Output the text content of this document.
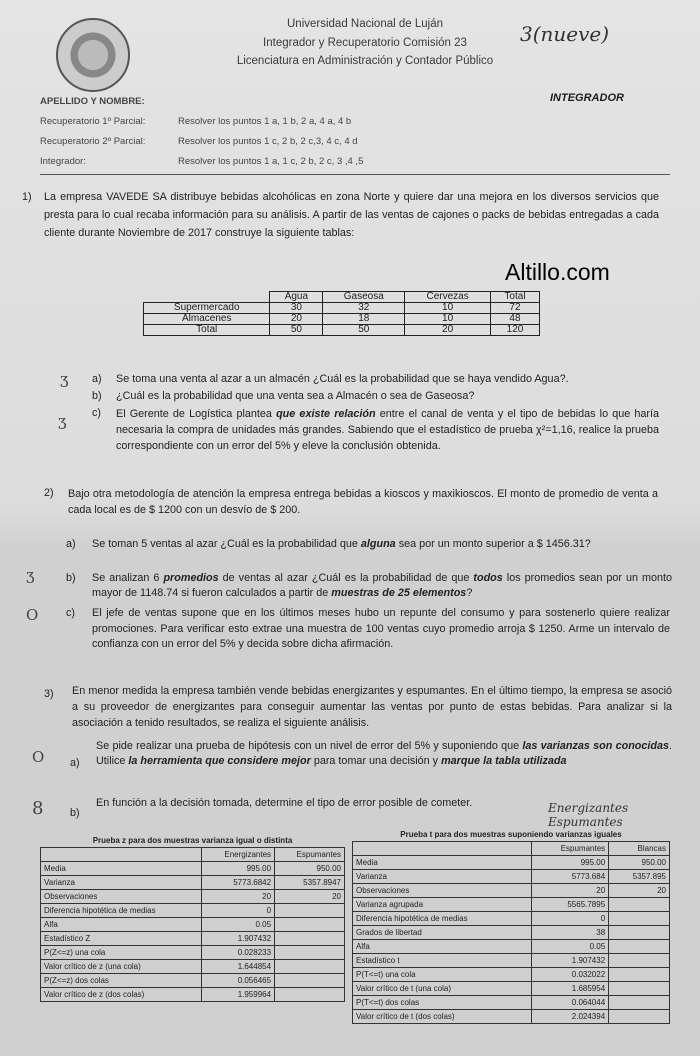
Universidad Nacional de Luján
Integrador y Recuperatorio Comisión 23
Licenciatura en Administración y Contador Público
3(nueve)
Altillo.com
APELLIDO Y NOMBRE:	INTEGRADOR
Recuperatorio 1º Parcial:	Resolver los puntos 1 a, 1 b, 2 a, 4 a, 4 b
Recuperatorio 2º Parcial:	Resolver los puntos 1 c, 2 b, 2 c,3, 4 c, 4 d
Integrador:	Resolver los puntos 1 a, 1 c, 2 b, 2 c, 3 ,4 ,5
1) La empresa VAVEDE SA distribuye bebidas alcohólicas en zona Norte y quiere dar una mejora en los diversos servicios que presta para lo cual recaba información para su análisis. A partir de las ventas de cajones o packs de bebidas entregadas a cada cliente durante Noviembre de 2017 construye la siguiente tablas:
	Agua	Gaseosa	Cervezas	Total
Supermercado	30	32	10	72
Almacenes	20	18	10	48
Total	50	50	20	120
ʒ a) Se toma una venta al azar a un almacén ¿Cuál es la probabilidad que se haya vendido Agua?.
b) ¿Cuál es la probabilidad que una venta sea a Almacén o sea de Gaseosa?
ʒ c) El Gerente de Logística plantea que existe relación entre el canal de venta y el tipo de bebidas lo que haría necesaria la compra de unidades más grandes. Sabiendo que el estadístico de prueba χ²=1,16, realice la prueba correspondiente con un error del 5% y eleve la conclusión obtenida.
2) Bajo otra metodología de atención la empresa entrega bebidas a kioscos y maxikioscos. El monto de promedio de venta a cada local es de $ 1200 con un desvío de $ 200.
a) Se toman 5 ventas al azar ¿Cuál es la probabilidad que alguna sea por un monto superior a $ 1456.31?
ʒ	b) Se analizan 6 promedios de ventas al azar ¿Cuál es la probabilidad de que todos los promedios sean por un monto mayor de 1148.74 si fueron calculados a partir de muestras de 25 elementos?
O	c) El jefe de ventas supone que en los últimos meses hubo un repunte del consumo y para sostenerlo quiere realizar promociones. Para verificar esto extrae una muestra de 100 ventas cuyo promedio arroja $ 1250. Arme un intervalo de confianza con un error del 5% y decida sobre dicha afirmación.
3) En menor medida la empresa también vende bebidas energizantes y espumantes. En el último tiempo, la empresa se asoció a su proveedor de energizantes para conseguir aumentar las ventas por punto de estas bebidas. Para analizar si la asociación a tenido resultados, se realiza el siguiente análisis.
O a)
Se pide realizar una prueba de hipótesis con un nivel de error del 5% y suponiendo que las varianzas son conocidas. Utilice la herramienta que considere mejor para tomar una decisión y marque la tabla utilizada
8 b)
En función a la decisión tomada, determine el tipo de error posible de cometer.	Energizantes Espumantes
Prueba z para dos muestras varianza igual o distinta		
	Energizantes	Espumantes
Media	995.00	950.00
Varianza	5773.6842	5357.8947
Observaciones	20	20
Diferencia hipotética de medias	0	
Alfa	0.05	
Estadístico Z	1.907432	
P(Z<=z) una cola	0.028233	
Valor crítico de z (una cola)	1.644854	
P(Z<=z) dos colas	0.056465	
Valor crítico de z (dos colas)	1.959964	
Prueba t para dos muestras suponiendo varianzas iguales		
	Espumantes	Blancas
Media	995.00	950.00
Varianza	5773.684	5357.895
Observaciones	20	20
Varianza agrupada	5565.7895	
Diferencia hipotética de medias	0	
Grados de libertad	38	
Alfa	0.05	
Estadístico t	1.907432	
P(T<=t) una cola	0.032022	
Valor crítico de t (una cola)	1.685954	
P(T<=t) dos colas	0.064044	
Valor crítico de t (dos colas)	2.024394	
